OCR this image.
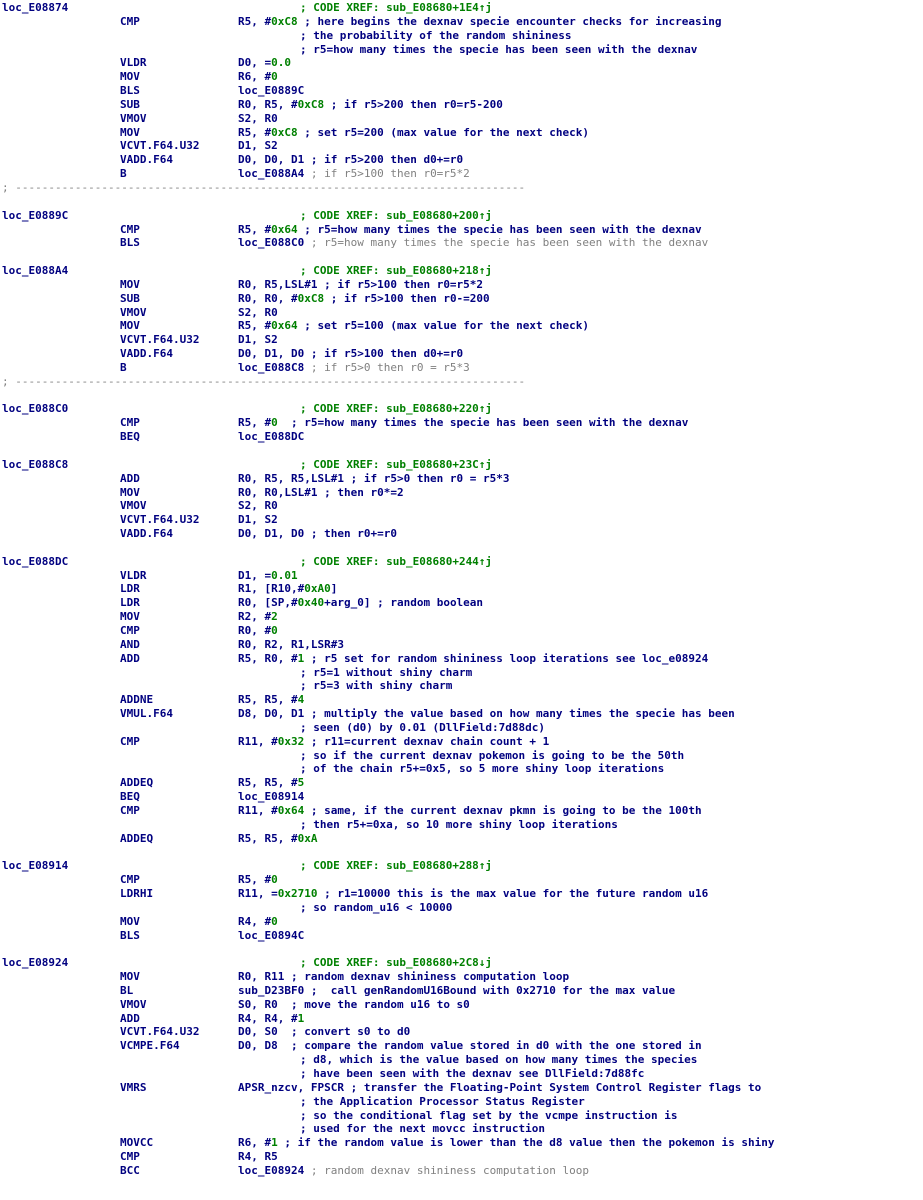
loc_E08874	; CODE XREF: sub_E08680+1E4↑j
CMP	R5, #0xC8 ; here begins the dexnav specie encounter checks for increasing
; the probability of the random shininess
; r5=how many times the specie has been seen with the dexnav
VLDR	D0, =0.0
MOV	R6, #0
BLS	loc_E0889C
SUB	R0, R5, #0xC8 ; if r5>200 then r0=r5-200
VMOV	S2, R0
MOV	R5, #0xC8 ; set r5=200 (max value for the next check)
VCVT.F64.U32	D1, S2
VADD.F64	D0, D0, D1 ; if r5>200 then d0+=r0
B	loc_E088A4 ; if r5>100 then r0=r5*2
; -----------------------------------------------------------------------------
loc_E0889C	; CODE XREF: sub_E08680+200↑j
CMP	R5, #0x64 ; r5=how many times the specie has been seen with the dexnav
BLS	loc_E088C0 ; r5=how many times the specie has been seen with the dexnav
loc_E088A4	; CODE XREF: sub_E08680+218↑j
MOV	R0, R5,LSL#1 ; if r5>100 then r0=r5*2
SUB	R0, R0, #0xC8 ; if r5>100 then r0-=200
VMOV	S2, R0
MOV	R5, #0x64 ; set r5=100 (max value for the next check)
VCVT.F64.U32	D1, S2
VADD.F64	D0, D1, D0 ; if r5>100 then d0+=r0
B	loc_E088C8 ; if r5>0 then r0 = r5*3
; -----------------------------------------------------------------------------
loc_E088C0	; CODE XREF: sub_E08680+220↑j
CMP	R5, #0  ; r5=how many times the specie has been seen with the dexnav
BEQ	loc_E088DC
loc_E088C8	; CODE XREF: sub_E08680+23C↑j
ADD	R0, R5, R5,LSL#1 ; if r5>0 then r0 = r5*3
MOV	R0, R0,LSL#1 ; then r0*=2
VMOV	S2, R0
VCVT.F64.U32	D1, S2
VADD.F64	D0, D1, D0 ; then r0+=r0
loc_E088DC	; CODE XREF: sub_E08680+244↑j
VLDR	D1, =0.01
LDR	R1, [R10,#0xA0]
LDR	R0, [SP,#0x40+arg_0] ; random boolean
MOV	R2, #2
CMP	R0, #0
AND	R0, R2, R1,LSR#3
ADD	R5, R0, #1 ; r5 set for random shininess loop iterations see loc_e08924
; r5=1 without shiny charm
; r5=3 with shiny charm
ADDNE	R5, R5, #4
VMUL.F64	D8, D0, D1 ; multiply the value based on how many times the specie has been
; seen (d0) by 0.01 (DllField:7d88dc)
CMP	R11, #0x32 ; r11=current dexnav chain count + 1
; so if the current dexnav pokemon is going to be the 50th
; of the chain r5+=0x5, so 5 more shiny loop iterations
ADDEQ	R5, R5, #5
BEQ	loc_E08914
CMP	R11, #0x64 ; same, if the current dexnav pkmn is going to be the 100th
; then r5+=0xa, so 10 more shiny loop iterations
ADDEQ	R5, R5, #0xA
loc_E08914	; CODE XREF: sub_E08680+288↑j
CMP	R5, #0
LDRHI	R11, =0x2710 ; r1=10000 this is the max value for the future random u16
; so random_u16 < 10000
MOV	R4, #0
BLS	loc_E0894C
loc_E08924	; CODE XREF: sub_E08680+2C8↓j
MOV	R0, R11 ; random dexnav shininess computation loop
BL	sub_D23BF0 ;  call genRandomU16Bound with 0x2710 for the max value
VMOV	S0, R0  ; move the random u16 to s0
ADD	R4, R4, #1
VCVT.F64.U32	D0, S0  ; convert s0 to d0
VCMPE.F64	D0, D8  ; compare the random value stored in d0 with the one stored in
; d8, which is the value based on how many times the species
; have been seen with the dexnav see DllField:7d88fc
VMRS	APSR_nzcv, FPSCR ; transfer the Floating-Point System Control Register flags to
; the Application Processor Status Register
; so the conditional flag set by the vcmpe instruction is
; used for the next movcc instruction
MOVCC	R6, #1 ; if the random value is lower than the d8 value then the pokemon is shiny
CMP	R4, R5
BCC	loc_E08924 ; random dexnav shininess computation loop
